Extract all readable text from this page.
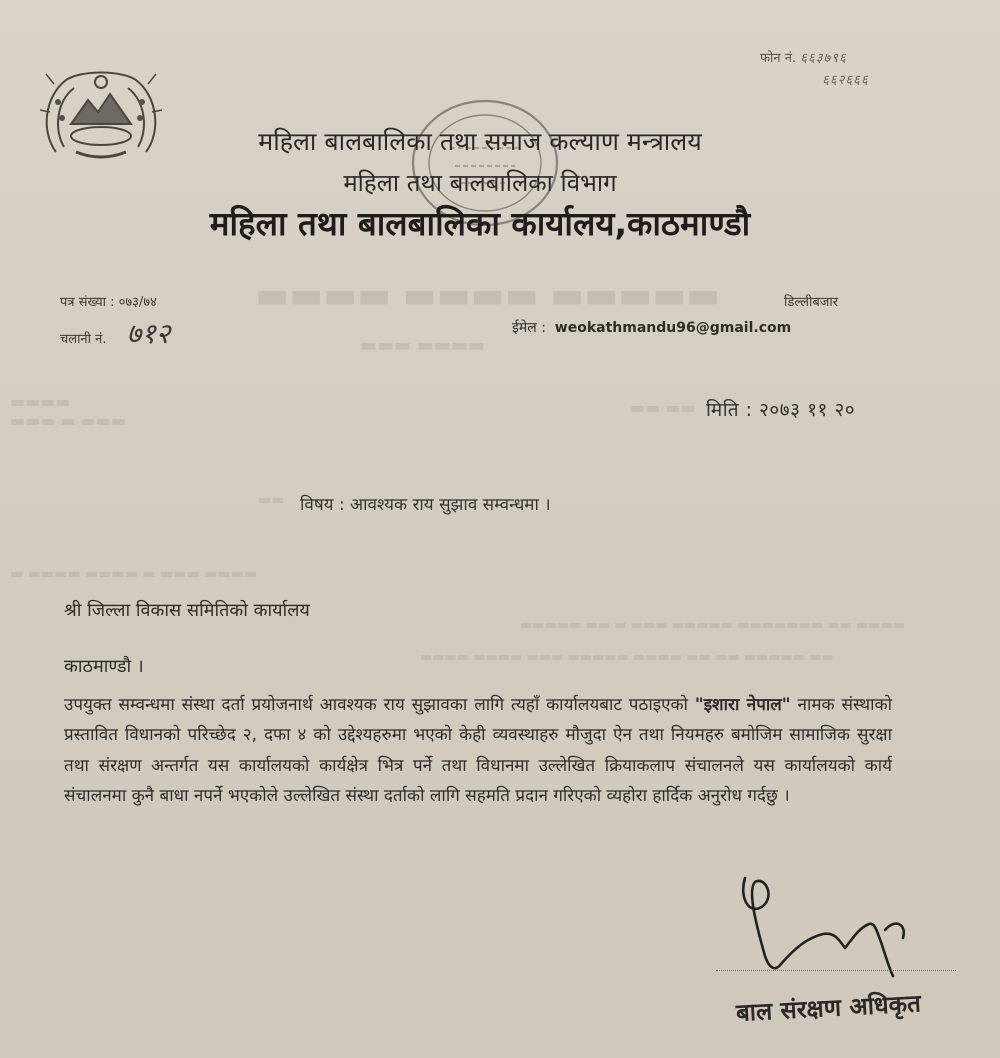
▬▬▬▬ ▬▬▬▬ ▬▬▬▬▬
▬▬▬ ▬▬▬▬
▬▬▬▬
▬▬▬ ▬ ▬▬▬
▬▬ ▬▬
▬▬
▬ ▬▬▬▬ ▬▬▬▬ ▬ ▬▬▬ ▬▬▬▬
▬▬▬▬▬ ▬▬ ▬ ▬▬▬ ▬▬▬▬▬ ▬▬▬▬▬▬▬ ▬▬ ▬▬▬▬
▬▬▬▬ ▬▬▬▬ ▬▬▬ ▬▬▬▬▬ ▬▬▬▬ ▬▬ ▬▬ ▬▬▬▬▬ ▬▬
फोन नं. ६६३७९६
६६२६६६
महिला बालबालिका तथा समाज कल्याण मन्त्रालय
महिला तथा बालबालिका विभाग
महिला तथा बालबालिका कार्यालय,काठमाण्डौ
पत्र संख्या : ०७३/७४
चलानी नं. ७१२
डिल्लीबजार
ईमेल : weokathmandu96@gmail.com
मिति : २०७३ ११ २०
विषय : आवश्यक राय सुझाव सम्वन्धमा ।
श्री जिल्ला विकास समितिको कार्यालय
काठमाण्डौ ।
उपयुक्त सम्वन्धमा संस्था दर्ता प्रयोजनार्थ आवश्यक राय सुझावका लागि त्यहाँ कार्यालयबाट पठाइएको "इशारा नेपाल" नामक संस्थाको प्रस्तावित विधानको परिच्छेद २, दफा ४ को उद्देश्यहरुमा भएको केही व्यवस्थाहरु मौजुदा ऐन तथा नियमहरु बमोजिम सामाजिक सुरक्षा तथा संरक्षण अन्तर्गत यस कार्यालयको कार्यक्षेत्र भित्र पर्ने तथा विधानमा उल्लेखित क्रियाकलाप संचालनले यस कार्यालयको कार्य संचालनमा कुनै बाधा नपर्ने भएकोले उल्लेखित संस्था दर्ताको लागि सहमति प्रदान गरिएको व्यहोरा हार्दिक अनुरोध गर्दछु ।
बाल संरक्षण अधिकृत
